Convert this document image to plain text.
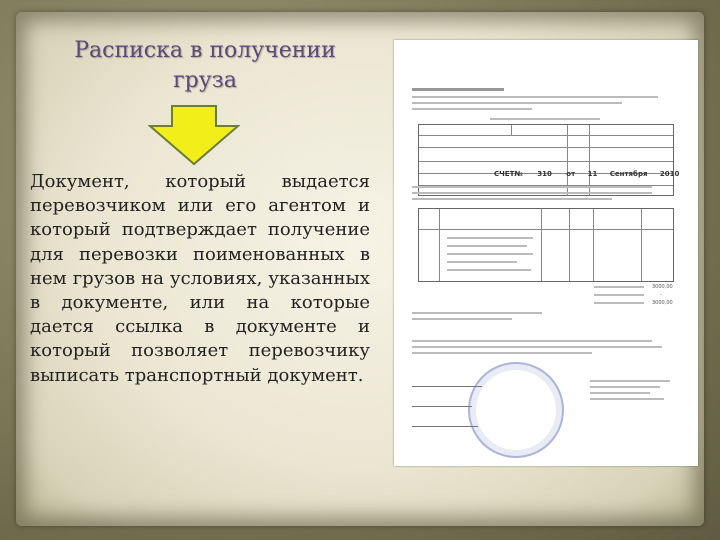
Расписка в получении груза
Документ, который выдается перевозчиком или его агентом и который подтверждает получение для перевозки поименованных в нем грузов на условиях, указанных в документе, или на которые дается ссылка в документе и который позволяет перевозчику выписать транспортный документ.
СЧЕТ№ 310 от 11 Сентября 2010
3000,00
-
3000,00
